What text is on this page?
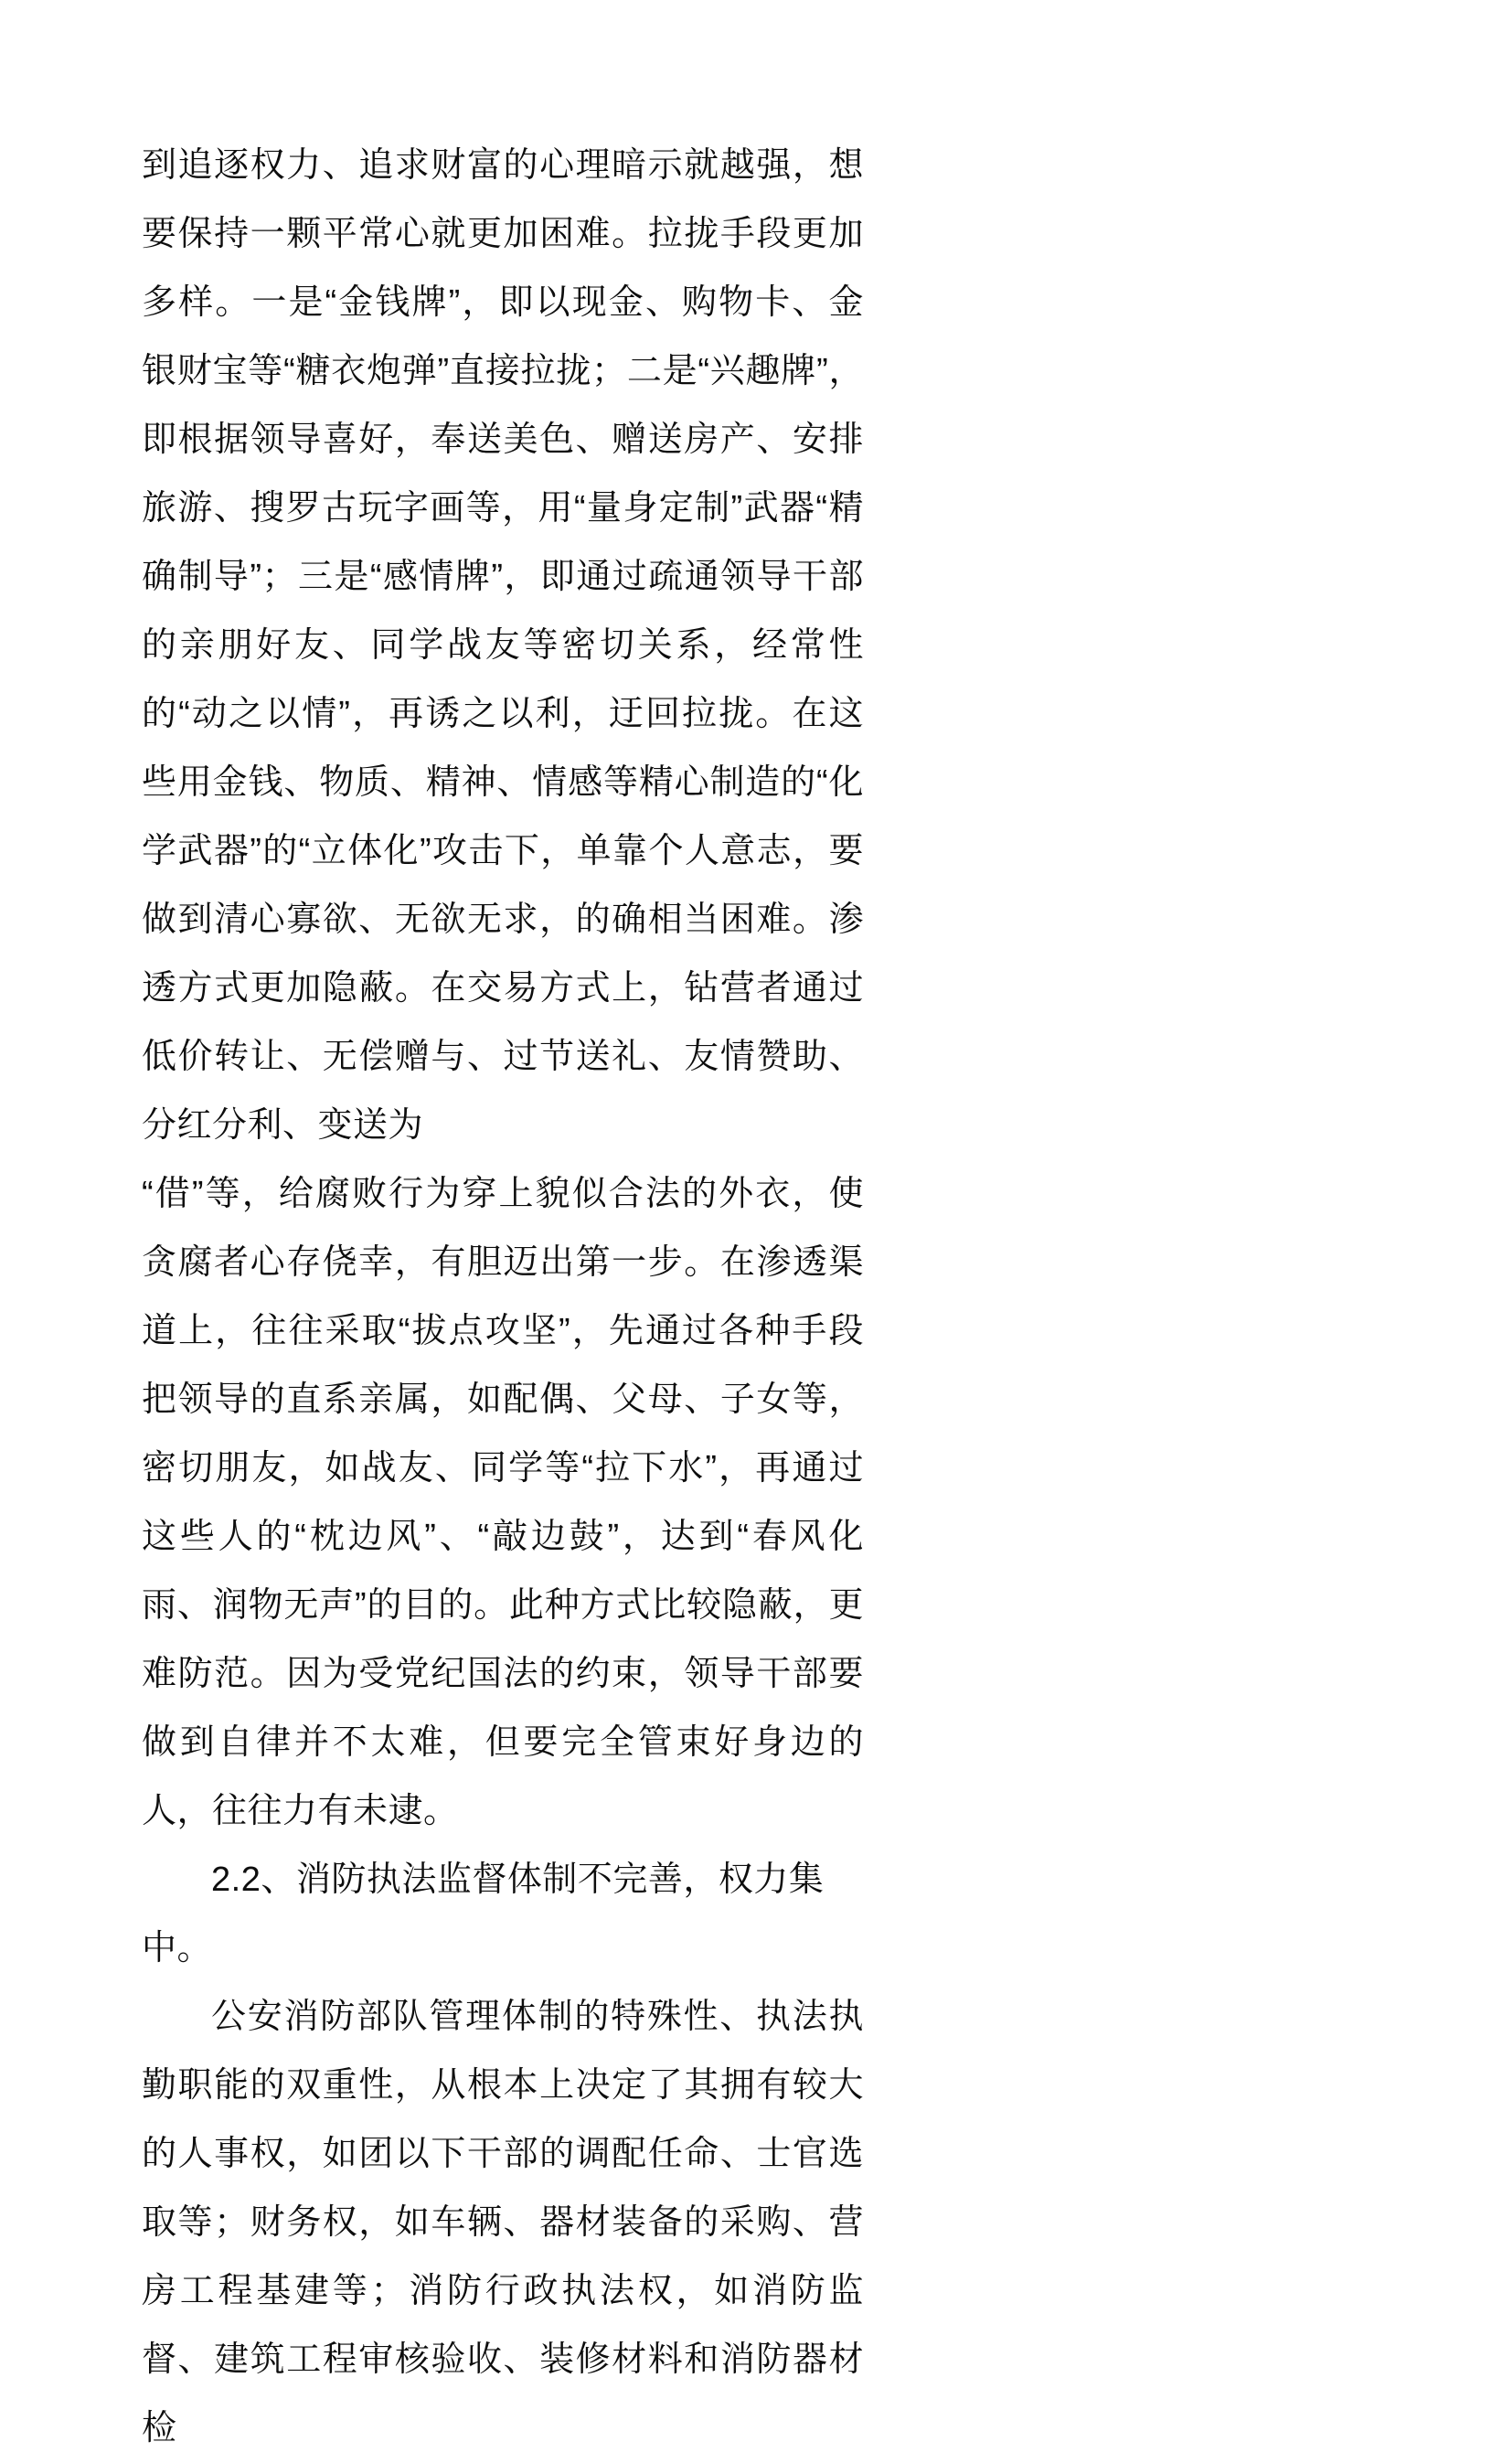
到追逐权力、追求财富的心理暗示就越强，想要保持一颗平常心就更加困难。拉拢手段更加多样。一是“金钱牌”，即以现金、购物卡、金银财宝等“糖衣炮弹”直接拉拢；二是“兴趣牌”，即根据领导喜好，奉送美色、赠送房产、安排旅游、搜罗古玩字画等，用“量身定制”武器“精确制导”；三是“感情牌”，即通过疏通领导干部的亲朋好友、同学战友等密切关系，经常性的“动之以情”，再诱之以利，迂回拉拢。在这些用金钱、物质、精神、情感等精心制造的“化学武器”的“立体化”攻击下，单靠个人意志，要做到清心寡欲、无欲无求，的确相当困难。渗透方式更加隐蔽。在交易方式上，钻营者通过低价转让、无偿赠与、过节送礼、友情赞助、分红分利、变送为

“借”等，给腐败行为穿上貌似合法的外衣，使贪腐者心存侥幸，有胆迈出第一步。在渗透渠道上，往往采取“拔点攻坚”，先通过各种手段把领导的直系亲属，如配偶、父母、子女等，密切朋友，如战友、同学等“拉下水”，再通过这些人的“枕边风”、“敲边鼓”，达到“春风化雨、润物无声”的目的。此种方式比较隐蔽，更难防范。因为受党纪国法的约束，领导干部要做到自律并不太难，但要完全管束好身边的人，往往力有未逮。

2.2、消防执法监督体制不完善，权力集中。

公安消防部队管理体制的特殊性、执法执勤职能的双重性，从根本上决定了其拥有较大的人事权，如团以下干部的调配任命、士官选取等；财务权，如车辆、器材装备的采购、营房工程基建等；消防行政执法权，如消防监督、建筑工程审核验收、装修材料和消防器材检
